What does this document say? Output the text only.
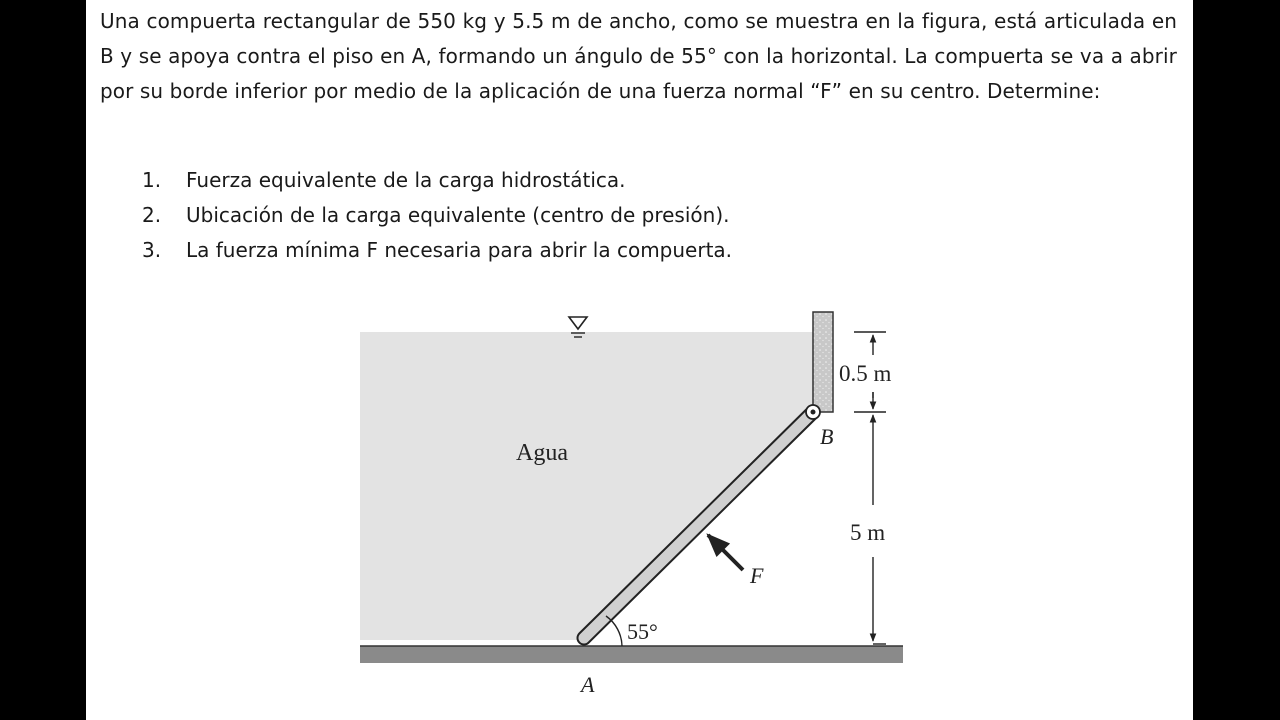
Una compuerta rectangular de 550 kg y 5.5 m de ancho, como se muestra en la figura, está articulada en B y se apoya contra el piso en A, formando un ángulo de 55° con la horizontal. La compuerta se va a abrir por su borde inferior por medio de la aplicación de una fuerza normal “F” en su centro. Determine:

1.	Fuerza equivalente de la carga hidrostática.
2.	Ubicación de la carga equivalente (centro de presión).
3.	La fuerza mínima F necesaria para abrir la compuerta.
Agua
B
A
F
55°
0.5 m
5 m
